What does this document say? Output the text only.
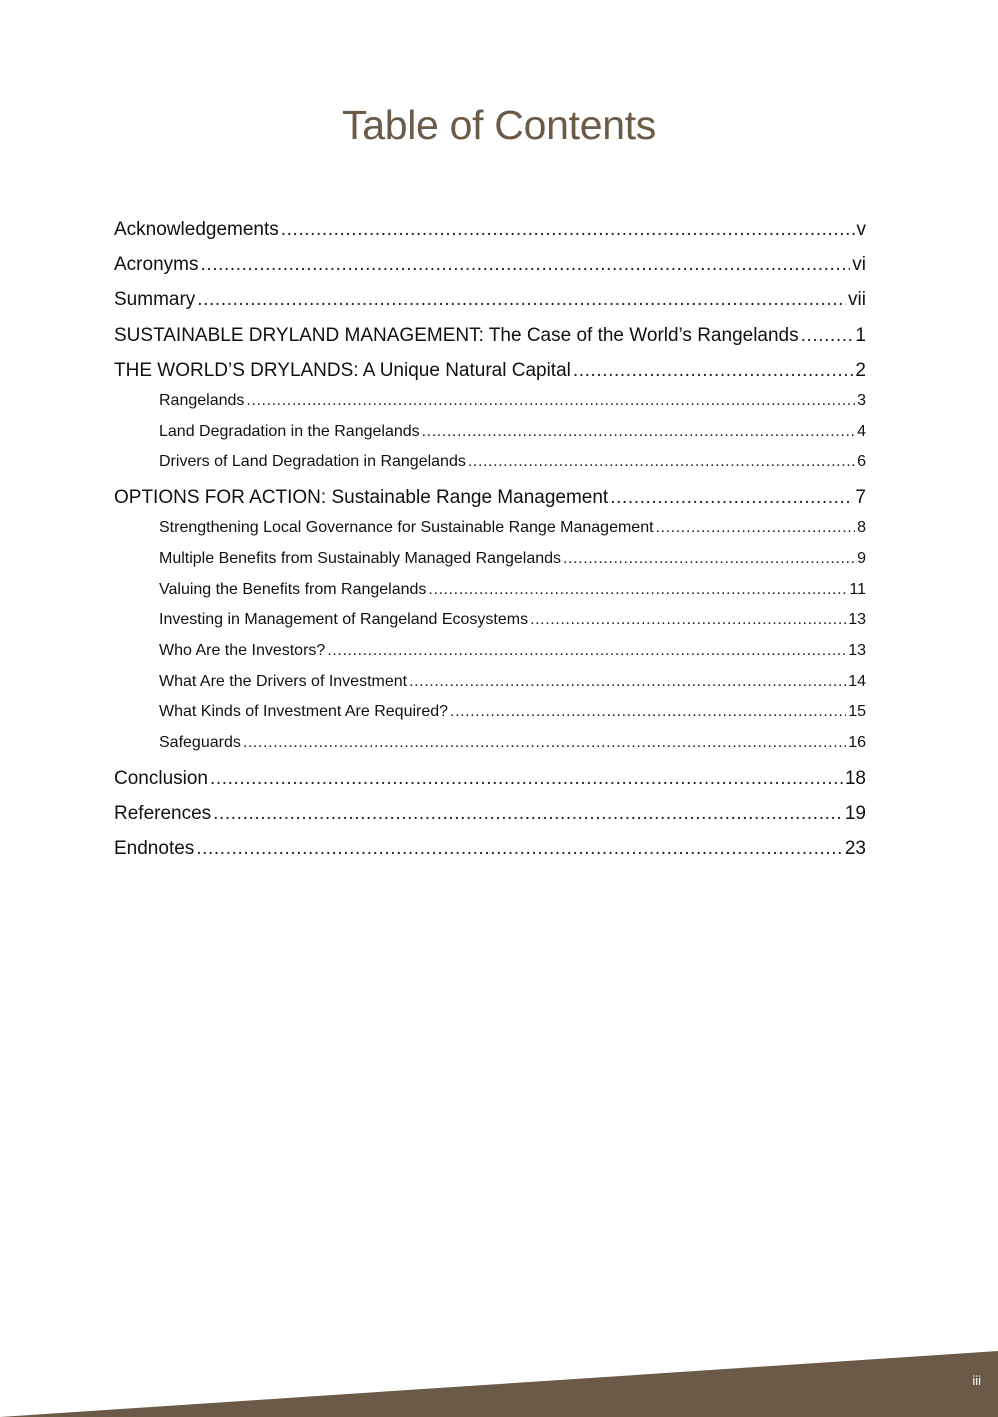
Table of Contents
Acknowledgements .....	v
Acronyms .....	vi
Summary .....	vii
SUSTAINABLE DRYLAND MANAGEMENT: The Case of the World’s Rangelands .....	1
THE WORLD’S DRYLANDS: A Unique Natural Capital .....	2
Rangelands .....	3
Land Degradation in the Rangelands .....	4
Drivers of Land Degradation in Rangelands .....	6
OPTIONS FOR ACTION: Sustainable Range Management .....	7
Strengthening Local Governance for Sustainable Range Management .....	8
Multiple Benefits from Sustainably Managed Rangelands .....	9
Valuing the Benefits from Rangelands .....	11
Investing in Management of Rangeland Ecosystems .....	13
Who Are the Investors? .....	13
What Are the Drivers of Investment .....	14
What Kinds of Investment Are Required? .....	15
Safeguards .....	16
Conclusion .....	18
References .....	19
Endnotes .....	23
iii
